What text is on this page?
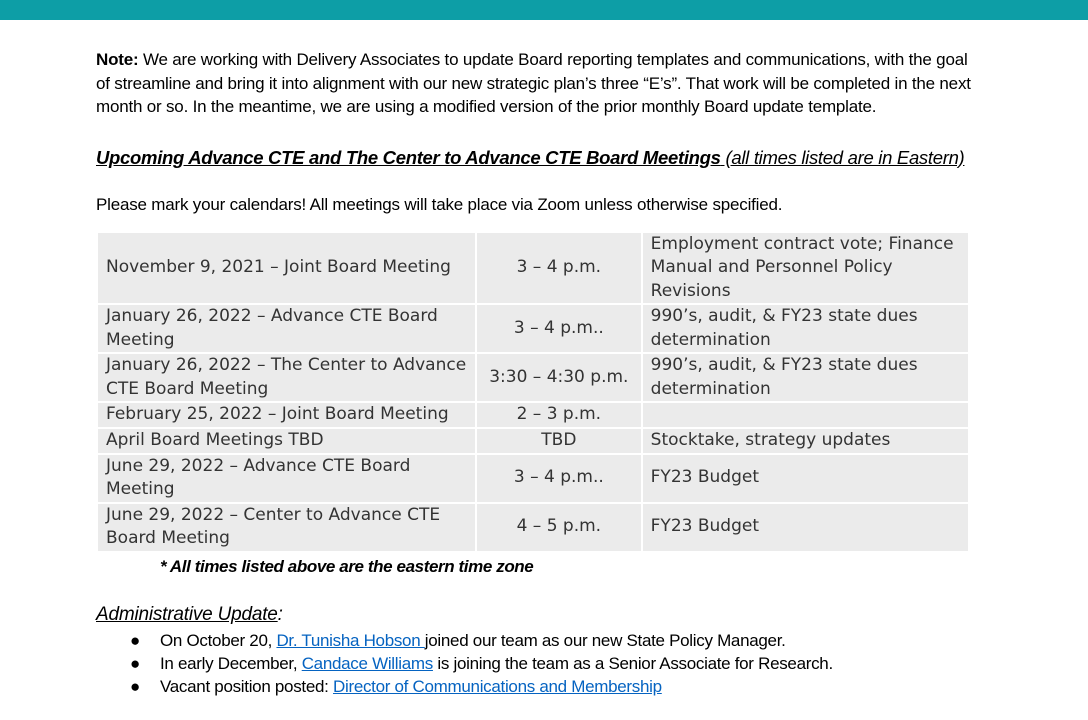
Note: We are working with Delivery Associates to update Board reporting templates and communications, with the goal of streamline and bring it into alignment with our new strategic plan’s three “E’s”. That work will be completed in the next month or so. In the meantime, we are using a modified version of the prior monthly Board update template.

Upcoming Advance CTE and The Center to Advance CTE Board Meetings (all times listed are in Eastern)

Please mark your calendars! All meetings will take place via Zoom unless otherwise specified.

November 9, 2021 – Joint Board Meeting	3 – 4 p.m.	Employment contract vote; Finance Manual and Personnel Policy Revisions
January 26, 2022 – Advance CTE Board Meeting	3 – 4 p.m..	990’s, audit, & FY23 state dues determination
January 26, 2022 – The Center to Advance CTE Board Meeting	3:30 – 4:30 p.m.	990’s, audit, & FY23 state dues determination
February 25, 2022 – Joint Board Meeting	2 – 3 p.m.	
April Board Meetings TBD	TBD	Stocktake, strategy updates
June 29, 2022 – Advance CTE Board Meeting	3 – 4 p.m..	FY23 Budget
June 29, 2022 – Center to Advance CTE Board Meeting	4 – 5 p.m.	FY23 Budget

* All times listed above are the eastern time zone

Administrative Update:

● On October 20, Dr. Tunisha Hobson joined our team as our new State Policy Manager.
● In early December, Candace Williams is joining the team as a Senior Associate for Research.
● Vacant position posted: Director of Communications and Membership
